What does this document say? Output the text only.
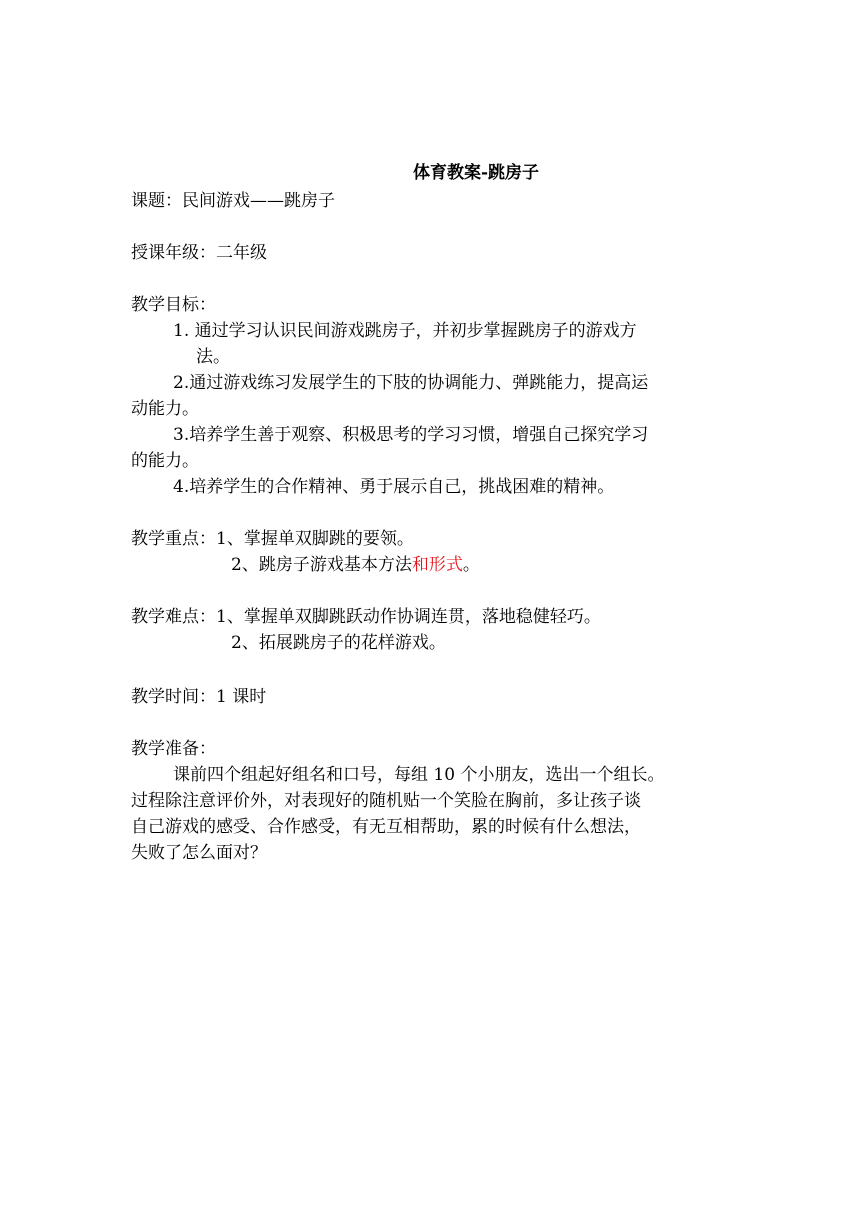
体育教案-跳房子
课题：民间游戏——跳房子
授课年级：二年级
教学目标：
1. 通过学习认识民间游戏跳房子，并初步掌握跳房子的游戏方
法。
2.通过游戏练习发展学生的下肢的协调能力、弹跳能力，提高运
动能力。
3.培养学生善于观察、积极思考的学习习惯，增强自己探究学习
的能力。
4.培养学生的合作精神、勇于展示自己，挑战困难的精神。
教学重点：1、掌握单双脚跳的要领。
2、跳房子游戏基本方法和形式。
教学难点：1、掌握单双脚跳跃动作协调连贯，落地稳健轻巧。
2、拓展跳房子的花样游戏。
教学时间：1 课时
教学准备：
课前四个组起好组名和口号，每组 10 个小朋友，选出一个组长。
过程除注意评价外，对表现好的随机贴一个笑脸在胸前，多让孩子谈
自己游戏的感受、合作感受，有无互相帮助，累的时候有什么想法，
失败了怎么面对？
